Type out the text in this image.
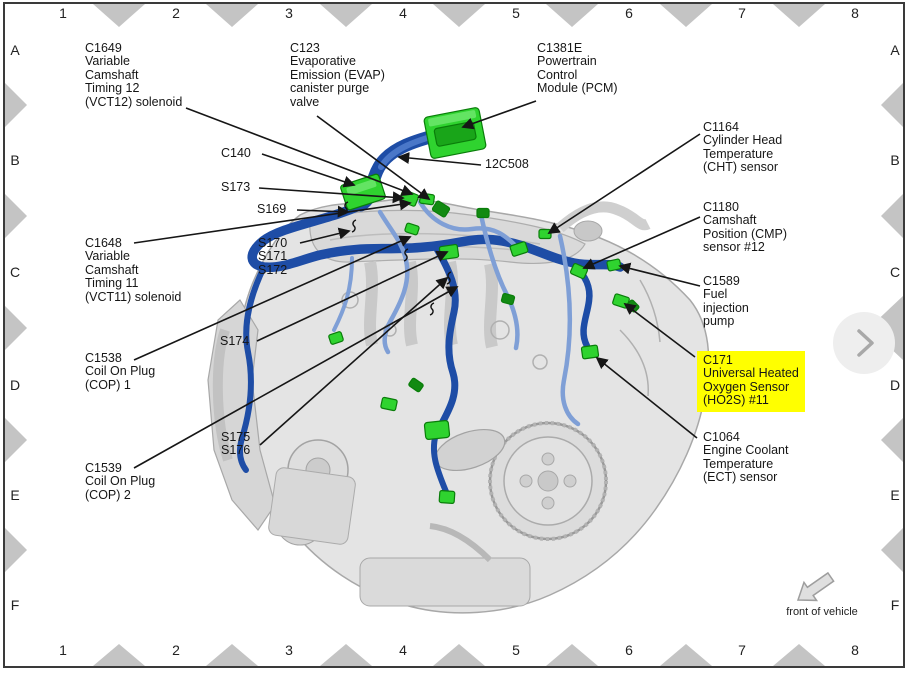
1	2	3	4	5	6	7	8
1	2	3	4	5	6	7	8
A
B
C
D
E
F
A
B
C
D
E
F
C1649
Variable
Camshaft
Timing 12
(VCT12) solenoid
C123
Evaporative
Emission (EVAP)
canister purge
valve
C1381E
Powertrain
Control
Module (PCM)
12C508
C140
S173
S169
C1648
Variable
Camshaft
Timing 11
(VCT11) solenoid
S170
S171
S172
S174
C1538
Coil On Plug
(COP) 1
S175
S176
C1539
Coil On Plug
(COP) 2
C1164
Cylinder Head
Temperature
(CHT) sensor
C1180
Camshaft
Position (CMP)
sensor #12
C1589
Fuel
injection
pump
C171
Universal Heated
Oxygen Sensor
(HO2S) #11
C1064
Engine Coolant
Temperature
(ECT) sensor
front of vehicle
